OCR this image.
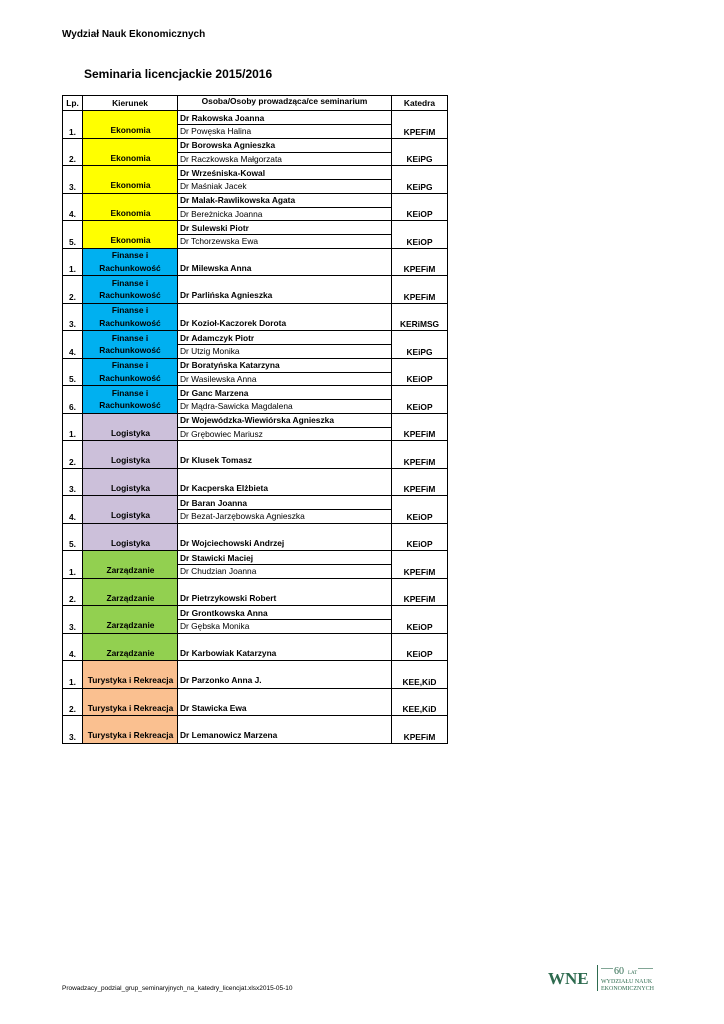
Wydział Nauk Ekonomicznych
Seminaria licencjackie 2015/2016
Lp.	Kierunek	Osoba/Osoby prowadząca/ce seminarium	Katedra
1.	Ekonomia	Dr Rakowska Joanna
Dr Powęska Halina	KPEFiM
2.	Ekonomia	Dr Borowska Agnieszka
Dr Raczkowska Małgorzata	KEiPG
3.	Ekonomia	Dr Wrześniska-Kowal
Dr Maśniak Jacek	KEiPG
4.	Ekonomia	Dr Malak-Rawlikowska Agata
Dr Bereżnicka Joanna	KEiOP
5.	Ekonomia	Dr Sulewski Piotr
Dr Tchorzewska Ewa	KEiOP
1.	Finanse i Rachunkowość	Dr Milewska Anna	KPEFiM
2.	Finanse i Rachunkowość	Dr Parlińska Agnieszka	KPEFiM
3.	Finanse i Rachunkowość	Dr Kozioł-Kaczorek Dorota	KERiMSG
4.	Finanse i Rachunkowość	Dr Adamczyk Piotr
Dr Utzig Monika	KEiPG
5.	Finanse i Rachunkowość	Dr Boratyńska Katarzyna
Dr Wasilewska Anna	KEiOP
6.	Finanse i Rachunkowość	Dr Ganc Marzena
Dr Mądra-Sawicka Magdalena	KEiOP
1.	Logistyka	Dr Wojewódzka-Wiewiórska Agnieszka
Dr Grębowiec Mariusz	KPEFiM
2.	Logistyka	Dr Klusek Tomasz	KPEFiM
3.	Logistyka	Dr Kacperska Elżbieta	KPEFiM
4.	Logistyka	Dr Baran Joanna
Dr Bezat-Jarzębowska Agnieszka	KEiOP
5.	Logistyka	Dr Wojciechowski Andrzej	KEiOP
1.	Zarządzanie	Dr Stawicki Maciej
Dr Chudzian Joanna	KPEFiM
2.	Zarządzanie	Dr Pietrzykowski Robert	KPEFiM
3.	Zarządzanie	Dr Grontkowska Anna
Dr Gębska Monika	KEiOP
4.	Zarządzanie	Dr Karbowiak Katarzyna	KEiOP
1.	Turystyka i Rekreacja	Dr Parzonko Anna J.	KEE,KiD
2.	Turystyka i Rekreacja	Dr Stawicka Ewa	KEE,KiD
3.	Turystyka i Rekreacja	Dr Lemanowicz Marzena	KPEFiM
Prowadzacy_podzial_grup_seminaryjnych_na_katedry_licencjat.xlsx2015-05-10
WNE	60 LAT
WYDZIAŁU NAUK
EKONOMICZNYCH
